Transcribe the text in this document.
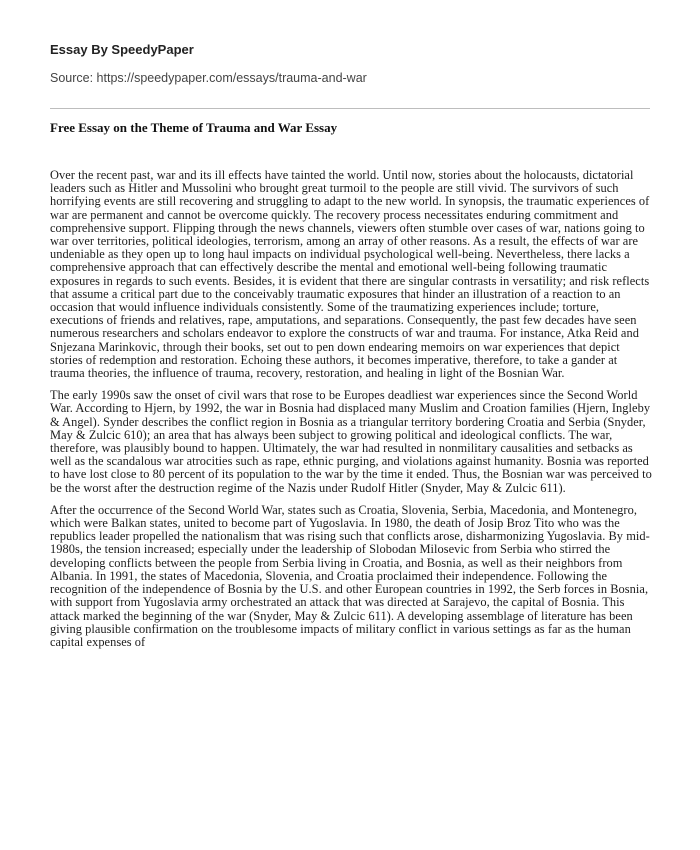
Essay By SpeedyPaper
Source: https://speedypaper.com/essays/trauma-and-war
Free Essay on the Theme of Trauma and War Essay

Over the recent past, war and its ill effects have tainted the world. Until now, stories about the holocausts, dictatorial leaders such as Hitler and Mussolini who brought great turmoil to the people are still vivid. The survivors of such horrifying events are still recovering and struggling to adapt to the new world. In synopsis, the traumatic experiences of war are permanent and cannot be overcome quickly. The recovery process necessitates enduring commitment and comprehensive support. Flipping through the news channels, viewers often stumble over cases of war, nations going to war over territories, political ideologies, terrorism, among an array of other reasons. As a result, the effects of war are undeniable as they open up to long haul impacts on individual psychological well-being. Nevertheless, there lacks a comprehensive approach that can effectively describe the mental and emotional well-being following traumatic exposures in regards to such events. Besides, it is evident that there are singular contrasts in versatility; and risk reflects that assume a critical part due to the conceivably traumatic exposures that hinder an illustration of a reaction to an occasion that would influence individuals consistently. Some of the traumatizing experiences include; torture, executions of friends and relatives, rape, amputations, and separations. Consequently, the past few decades have seen numerous researchers and scholars endeavor to explore the constructs of war and trauma. For instance, Atka Reid and Snjezana Marinkovic, through their books, set out to pen down endearing memoirs on war experiences that depict stories of redemption and restoration. Echoing these authors, it becomes imperative, therefore, to take a gander at trauma theories, the influence of trauma, recovery, restoration, and healing in light of the Bosnian War.

The early 1990s saw the onset of civil wars that rose to be Europes deadliest war experiences since the Second World War. According to Hjern, by 1992, the war in Bosnia had displaced many Muslim and Croation families (Hjern, Ingleby & Angel). Synder describes the conflict region in Bosnia as a triangular territory bordering Croatia and Serbia (Snyder, May & Zulcic 610); an area that has always been subject to growing political and ideological conflicts. The war, therefore, was plausibly bound to happen. Ultimately, the war had resulted in nonmilitary causalities and setbacks as well as the scandalous war atrocities such as rape, ethnic purging, and violations against humanity. Bosnia was reported to have lost close to 80 percent of its population to the war by the time it ended. Thus, the Bosnian war was perceived to be the worst after the destruction regime of the Nazis under Rudolf Hitler (Snyder, May & Zulcic 611).

After the occurrence of the Second World War, states such as Croatia, Slovenia, Serbia, Macedonia, and Montenegro, which were Balkan states, united to become part of Yugoslavia. In 1980, the death of Josip Broz Tito who was the republics leader propelled the nationalism that was rising such that conflicts arose, disharmonizing Yugoslavia. By mid-1980s, the tension increased; especially under the leadership of Slobodan Milosevic from Serbia who stirred the developing conflicts between the people from Serbia living in Croatia, and Bosnia, as well as their neighbors from Albania. In 1991, the states of Macedonia, Slovenia, and Croatia proclaimed their independence. Following the recognition of the independence of Bosnia by the U.S. and other European countries in 1992, the Serb forces in Bosnia, with support from Yugoslavia army orchestrated an attack that was directed at Sarajevo, the capital of Bosnia. This attack marked the beginning of the war (Snyder, May & Zulcic 611). A developing assemblage of literature has been giving plausible confirmation on the troublesome impacts of military conflict in various settings as far as the human capital expenses of
